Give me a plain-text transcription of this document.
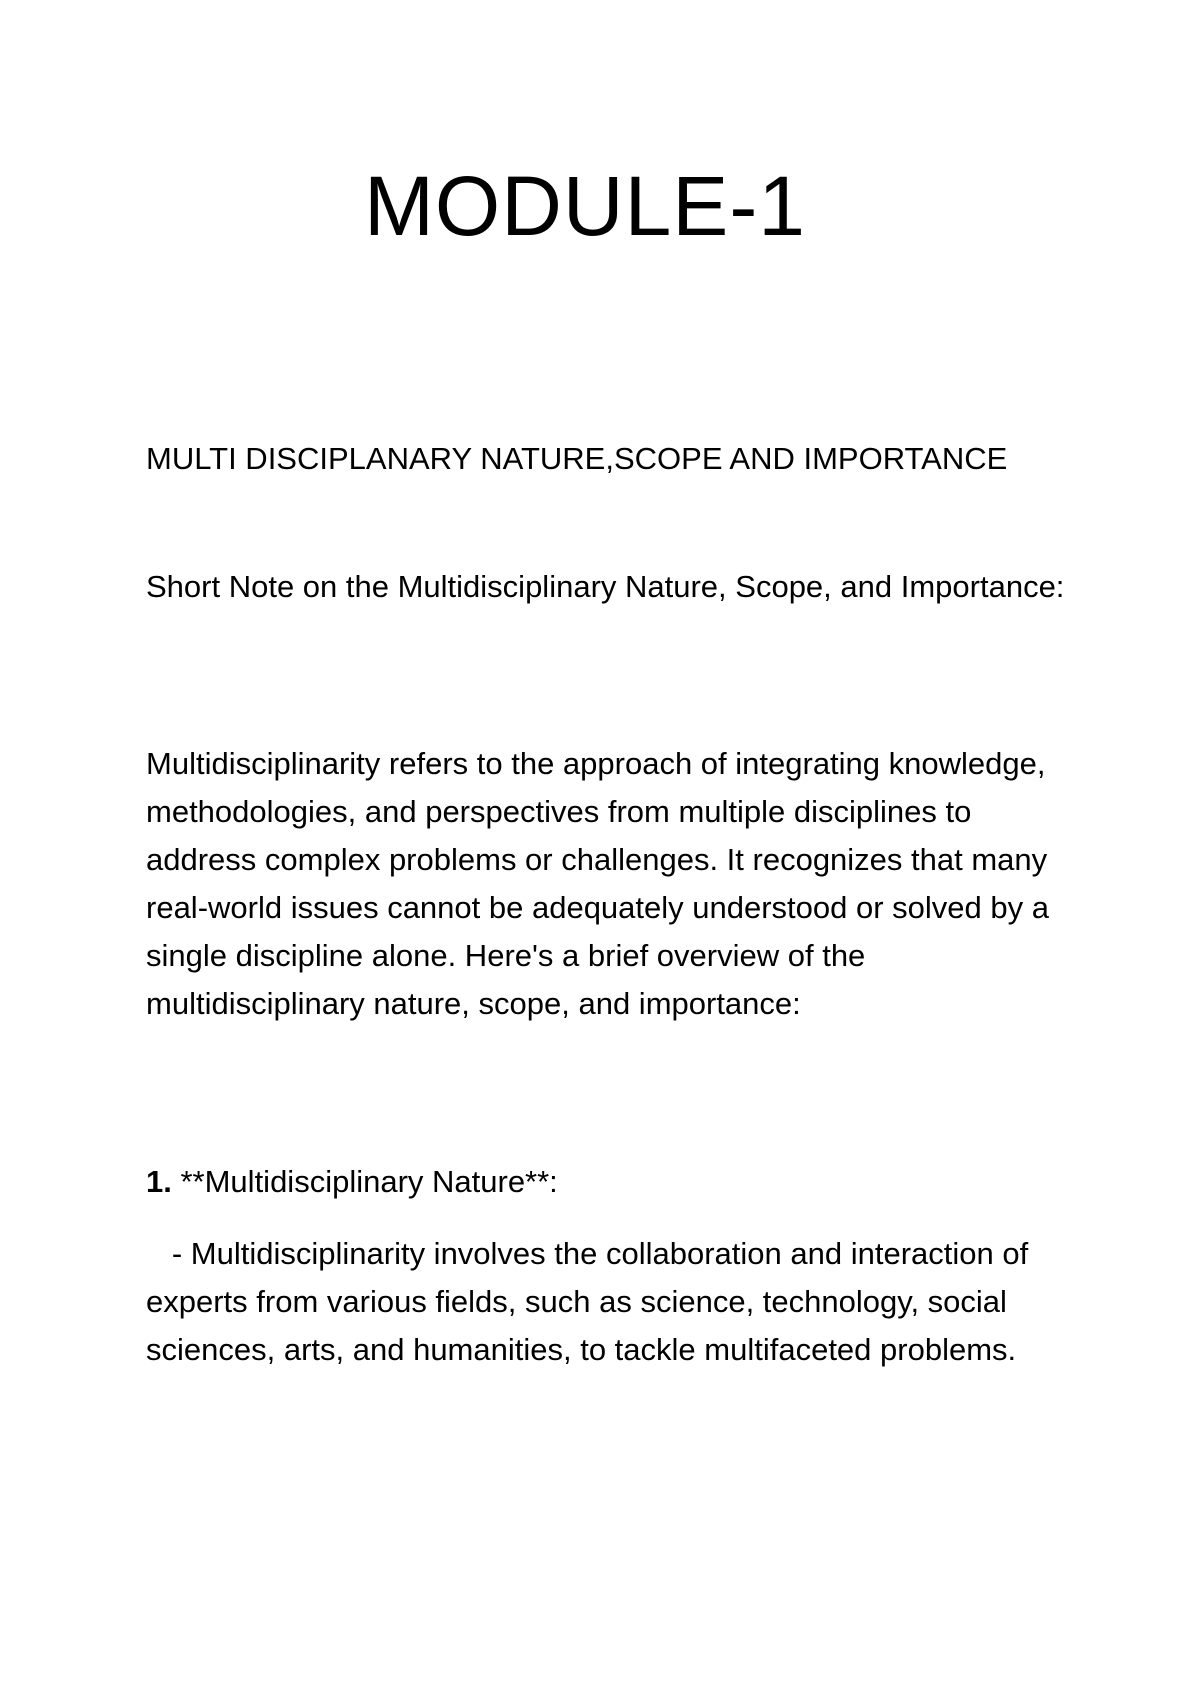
MODULE-1

MULTI DISCIPLANARY NATURE,SCOPE AND IMPORTANCE

Short Note on the Multidisciplinary Nature, Scope, and Importance:

Multidisciplinarity refers to the approach of integrating knowledge, methodologies, and perspectives from multiple disciplines to address complex problems or challenges. It recognizes that many real-world issues cannot be adequately understood or solved by a single discipline alone. Here's a brief overview of the multidisciplinary nature, scope, and importance:

1. **Multidisciplinary Nature**:

- Multidisciplinarity involves the collaboration and interaction of experts from various fields, such as science, technology, social sciences, arts, and humanities, to tackle multifaceted problems.
